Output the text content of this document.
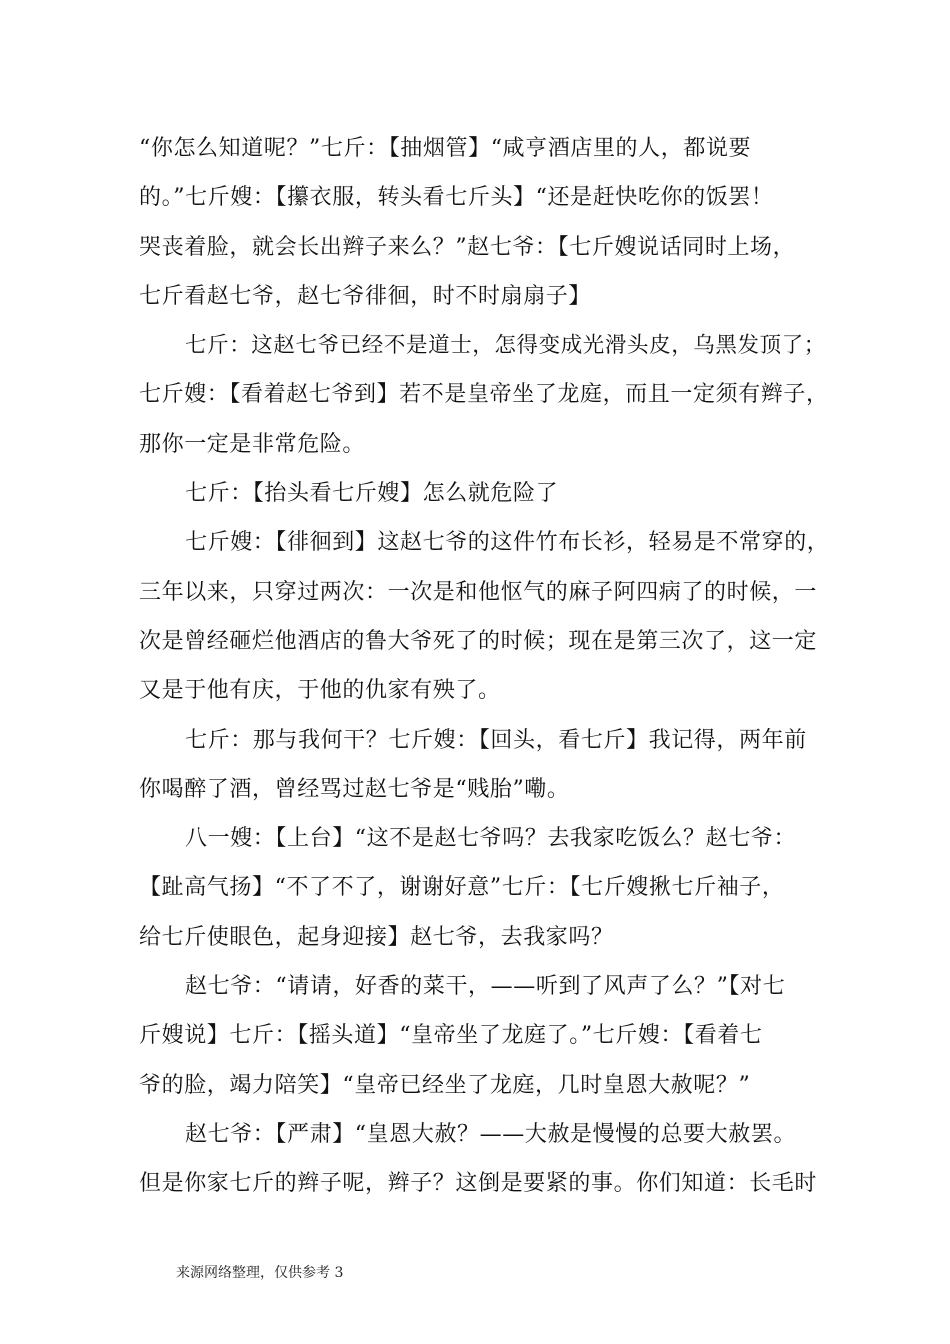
“你怎么知道呢？”七斤：【抽烟管】“咸亨酒店里的人，都说要
的。”七斤嫂：【攥衣服，转头看七斤头】“还是赶快吃你的饭罢！
哭丧着脸，就会长出辫子来么？”赵七爷：【七斤嫂说话同时上场，
七斤看赵七爷，赵七爷徘徊，时不时扇扇子】
七斤：这赵七爷已经不是道士，怎得变成光滑头皮，乌黑发顶了；
七斤嫂：【看着赵七爷到】若不是皇帝坐了龙庭，而且一定须有辫子，
那你一定是非常危险。
七斤：【抬头看七斤嫂】怎么就危险了
七斤嫂：【徘徊到】这赵七爷的这件竹布长衫，轻易是不常穿的，
三年以来，只穿过两次：一次是和他怄气的麻子阿四病了的时候，一
次是曾经砸烂他酒店的鲁大爷死了的时候；现在是第三次了，这一定
又是于他有庆，于他的仇家有殃了。
七斤：那与我何干？七斤嫂：【回头，看七斤】我记得，两年前
你喝醉了酒，曾经骂过赵七爷是“贱胎”嘞。
八一嫂：【上台】“这不是赵七爷吗？去我家吃饭么？赵七爷：
【趾高气扬】“不了不了，谢谢好意”七斤：【七斤嫂揪七斤袖子，
给七斤使眼色，起身迎接】赵七爷，去我家吗？
赵七爷：“请请，好香的菜干，——听到了风声了么？”【对七
斤嫂说】七斤：【摇头道】“皇帝坐了龙庭了。”七斤嫂：【看着七
爷的脸，竭力陪笑】“皇帝已经坐了龙庭，几时皇恩大赦呢？”
赵七爷：【严肃】“皇恩大赦？——大赦是慢慢的总要大赦罢。
但是你家七斤的辫子呢，辫子？这倒是要紧的事。你们知道：长毛时
来源网络整理，仅供参考 3
